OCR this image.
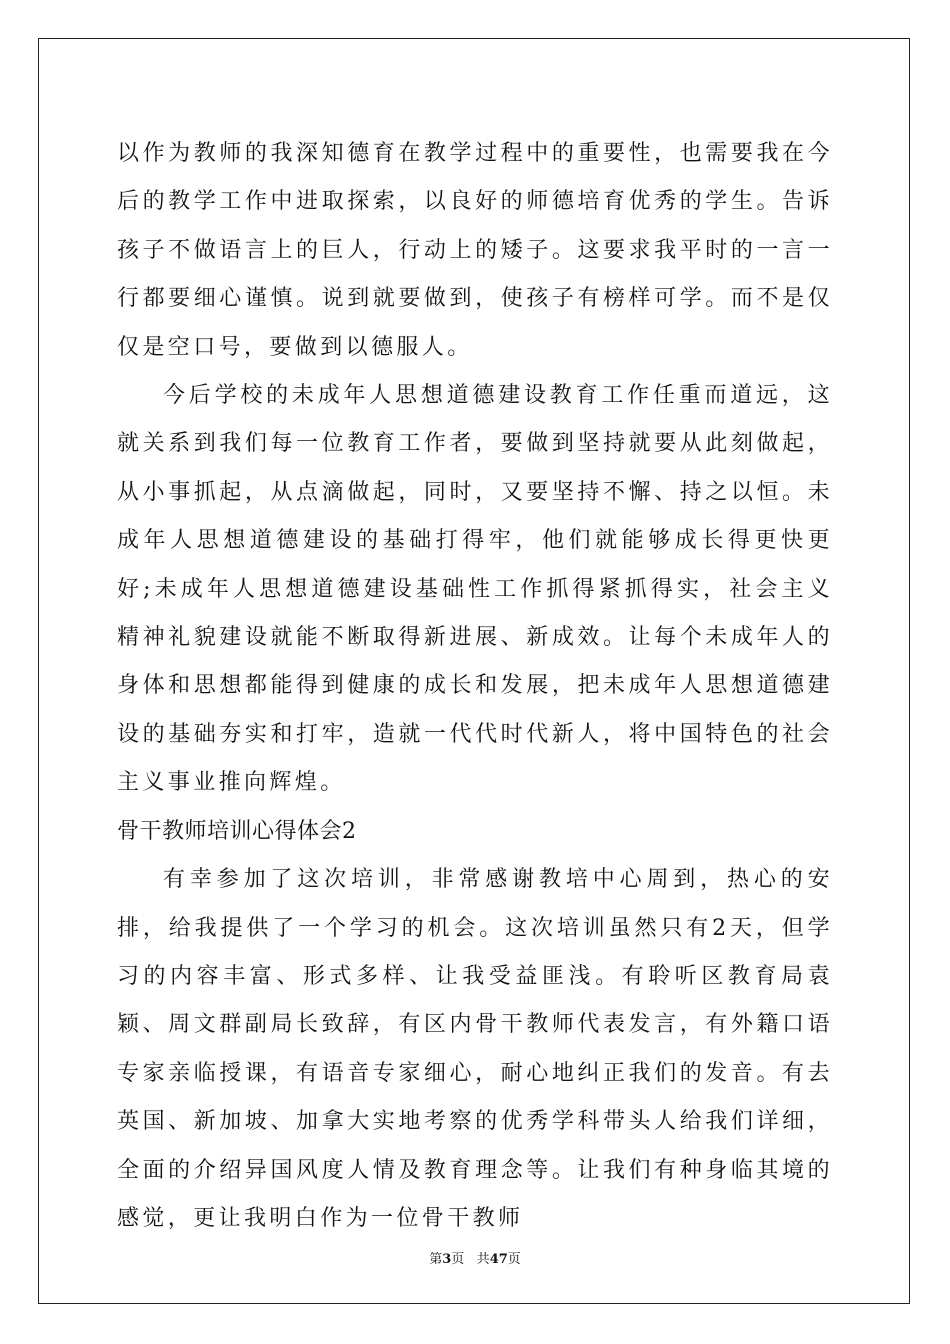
以作为教师的我深知德育在教学过程中的重要性，也需要我在今后的教学工作中进取探索，以良好的师德培育优秀的学生。告诉孩子不做语言上的巨人，行动上的矮子。这要求我平时的一言一行都要细心谨慎。说到就要做到，使孩子有榜样可学。而不是仅仅是空口号，要做到以德服人。

今后学校的未成年人思想道德建设教育工作任重而道远，这就关系到我们每一位教育工作者，要做到坚持就要从此刻做起，从小事抓起，从点滴做起，同时，又要坚持不懈、持之以恒。未成年人思想道德建设的基础打得牢，他们就能够成长得更快更好;未成年人思想道德建设基础性工作抓得紧抓得实，社会主义精神礼貌建设就能不断取得新进展、新成效。让每个未成年人的身体和思想都能得到健康的成长和发展，把未成年人思想道德建设的基础夯实和打牢，造就一代代时代新人，将中国特色的社会主义事业推向辉煌。

骨干教师培训心得体会2

有幸参加了这次培训，非常感谢教培中心周到，热心的安排，给我提供了一个学习的机会。这次培训虽然只有2天，但学习的内容丰富、形式多样、让我受益匪浅。有聆听区教育局袁颖、周文群副局长致辞，有区内骨干教师代表发言，有外籍口语专家亲临授课，有语音专家细心，耐心地纠正我们的发音。有去英国、新加坡、加拿大实地考察的优秀学科带头人给我们详细，全面的介绍异国风度人情及教育理念等。让我们有种身临其境的感觉，更让我明白作为一位骨干教师

第3页 共47页
